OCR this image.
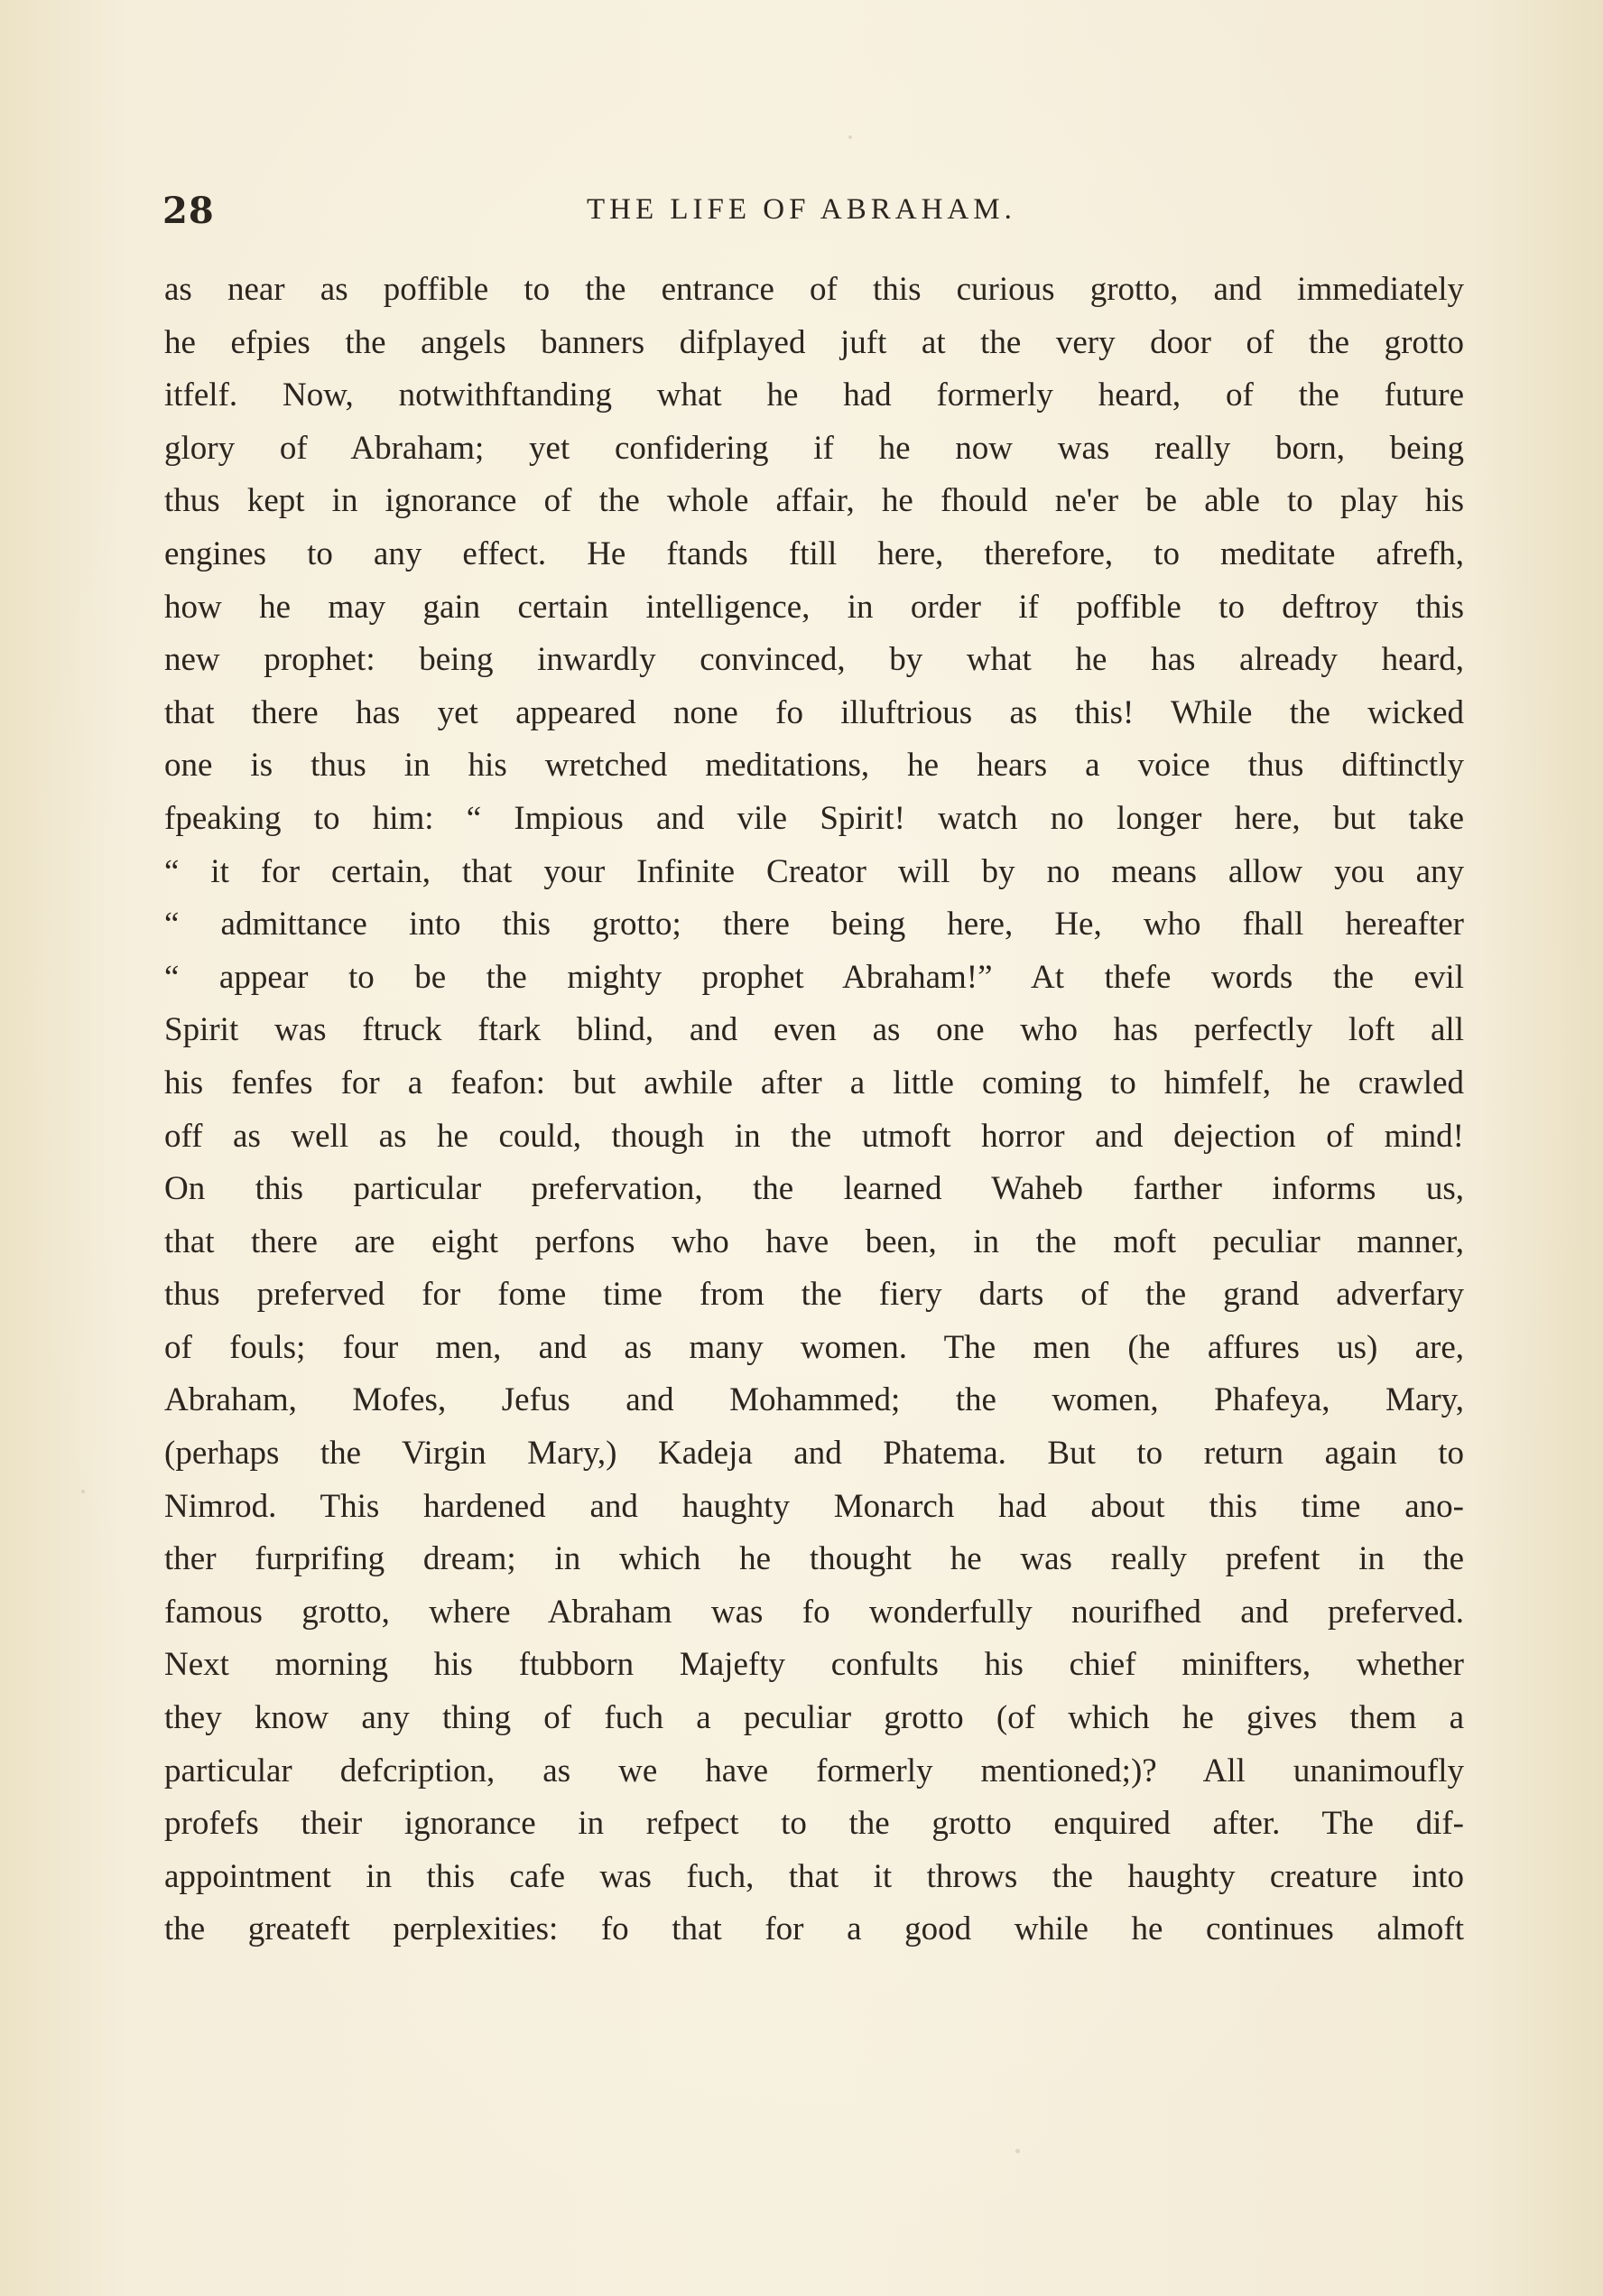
28	THE LIFE OF ABRAHAM.
as near as poffible to the entrance of this curious grotto, and immediately
he efpies the angels banners difplayed juft at the very door of the grotto
itfelf. Now, notwithftanding what he had formerly heard, of the future
glory of Abraham; yet confidering if he now was really born, being
thus kept in ignorance of the whole affair, he fhould ne'er be able to play his
engines to any effect. He ftands ftill here, therefore, to meditate afrefh,
how he may gain certain intelligence, in order if poffible to deftroy this
new prophet: being inwardly convinced, by what he has already heard,
that there has yet appeared none fo illuftrious as this! While the wicked
one is thus in his wretched meditations, he hears a voice thus diftinctly
fpeaking to him: “ Impious and vile Spirit! watch no longer here, but take
“ it for certain, that your Infinite Creator will by no means allow you any
“ admittance into this grotto; there being here, He, who fhall hereafter
“ appear to be the mighty prophet Abraham!” At thefe words the evil
Spirit was ftruck ftark blind, and even as one who has perfectly loft all
his fenfes for a feafon: but awhile after a little coming to himfelf, he crawled
off as well as he could, though in the utmoft horror and dejection of mind!
On this particular prefervation, the learned Waheb farther informs us,
that there are eight perfons who have been, in the moft peculiar manner,
thus preferved for fome time from the fiery darts of the grand adverfary
of fouls; four men, and as many women. The men (he affures us) are,
Abraham, Mofes, Jefus and Mohammed; the women, Phafeya, Mary,
(perhaps the Virgin Mary,) Kadeja and Phatema. But to return again to
Nimrod. This hardened and haughty Monarch had about this time ano-
ther furprifing dream; in which he thought he was really prefent in the
famous grotto, where Abraham was fo wonderfully nourifhed and preferved.
Next morning his ftubborn Majefty confults his chief minifters, whether
they know any thing of fuch a peculiar grotto (of which he gives them a
particular defcription, as we have formerly mentioned;)? All unanimoufly
profefs their ignorance in refpect to the grotto enquired after. The dif-
appointment in this cafe was fuch, that it throws the haughty creature into
the greateft perplexities: fo that for a good while he continues almoft
